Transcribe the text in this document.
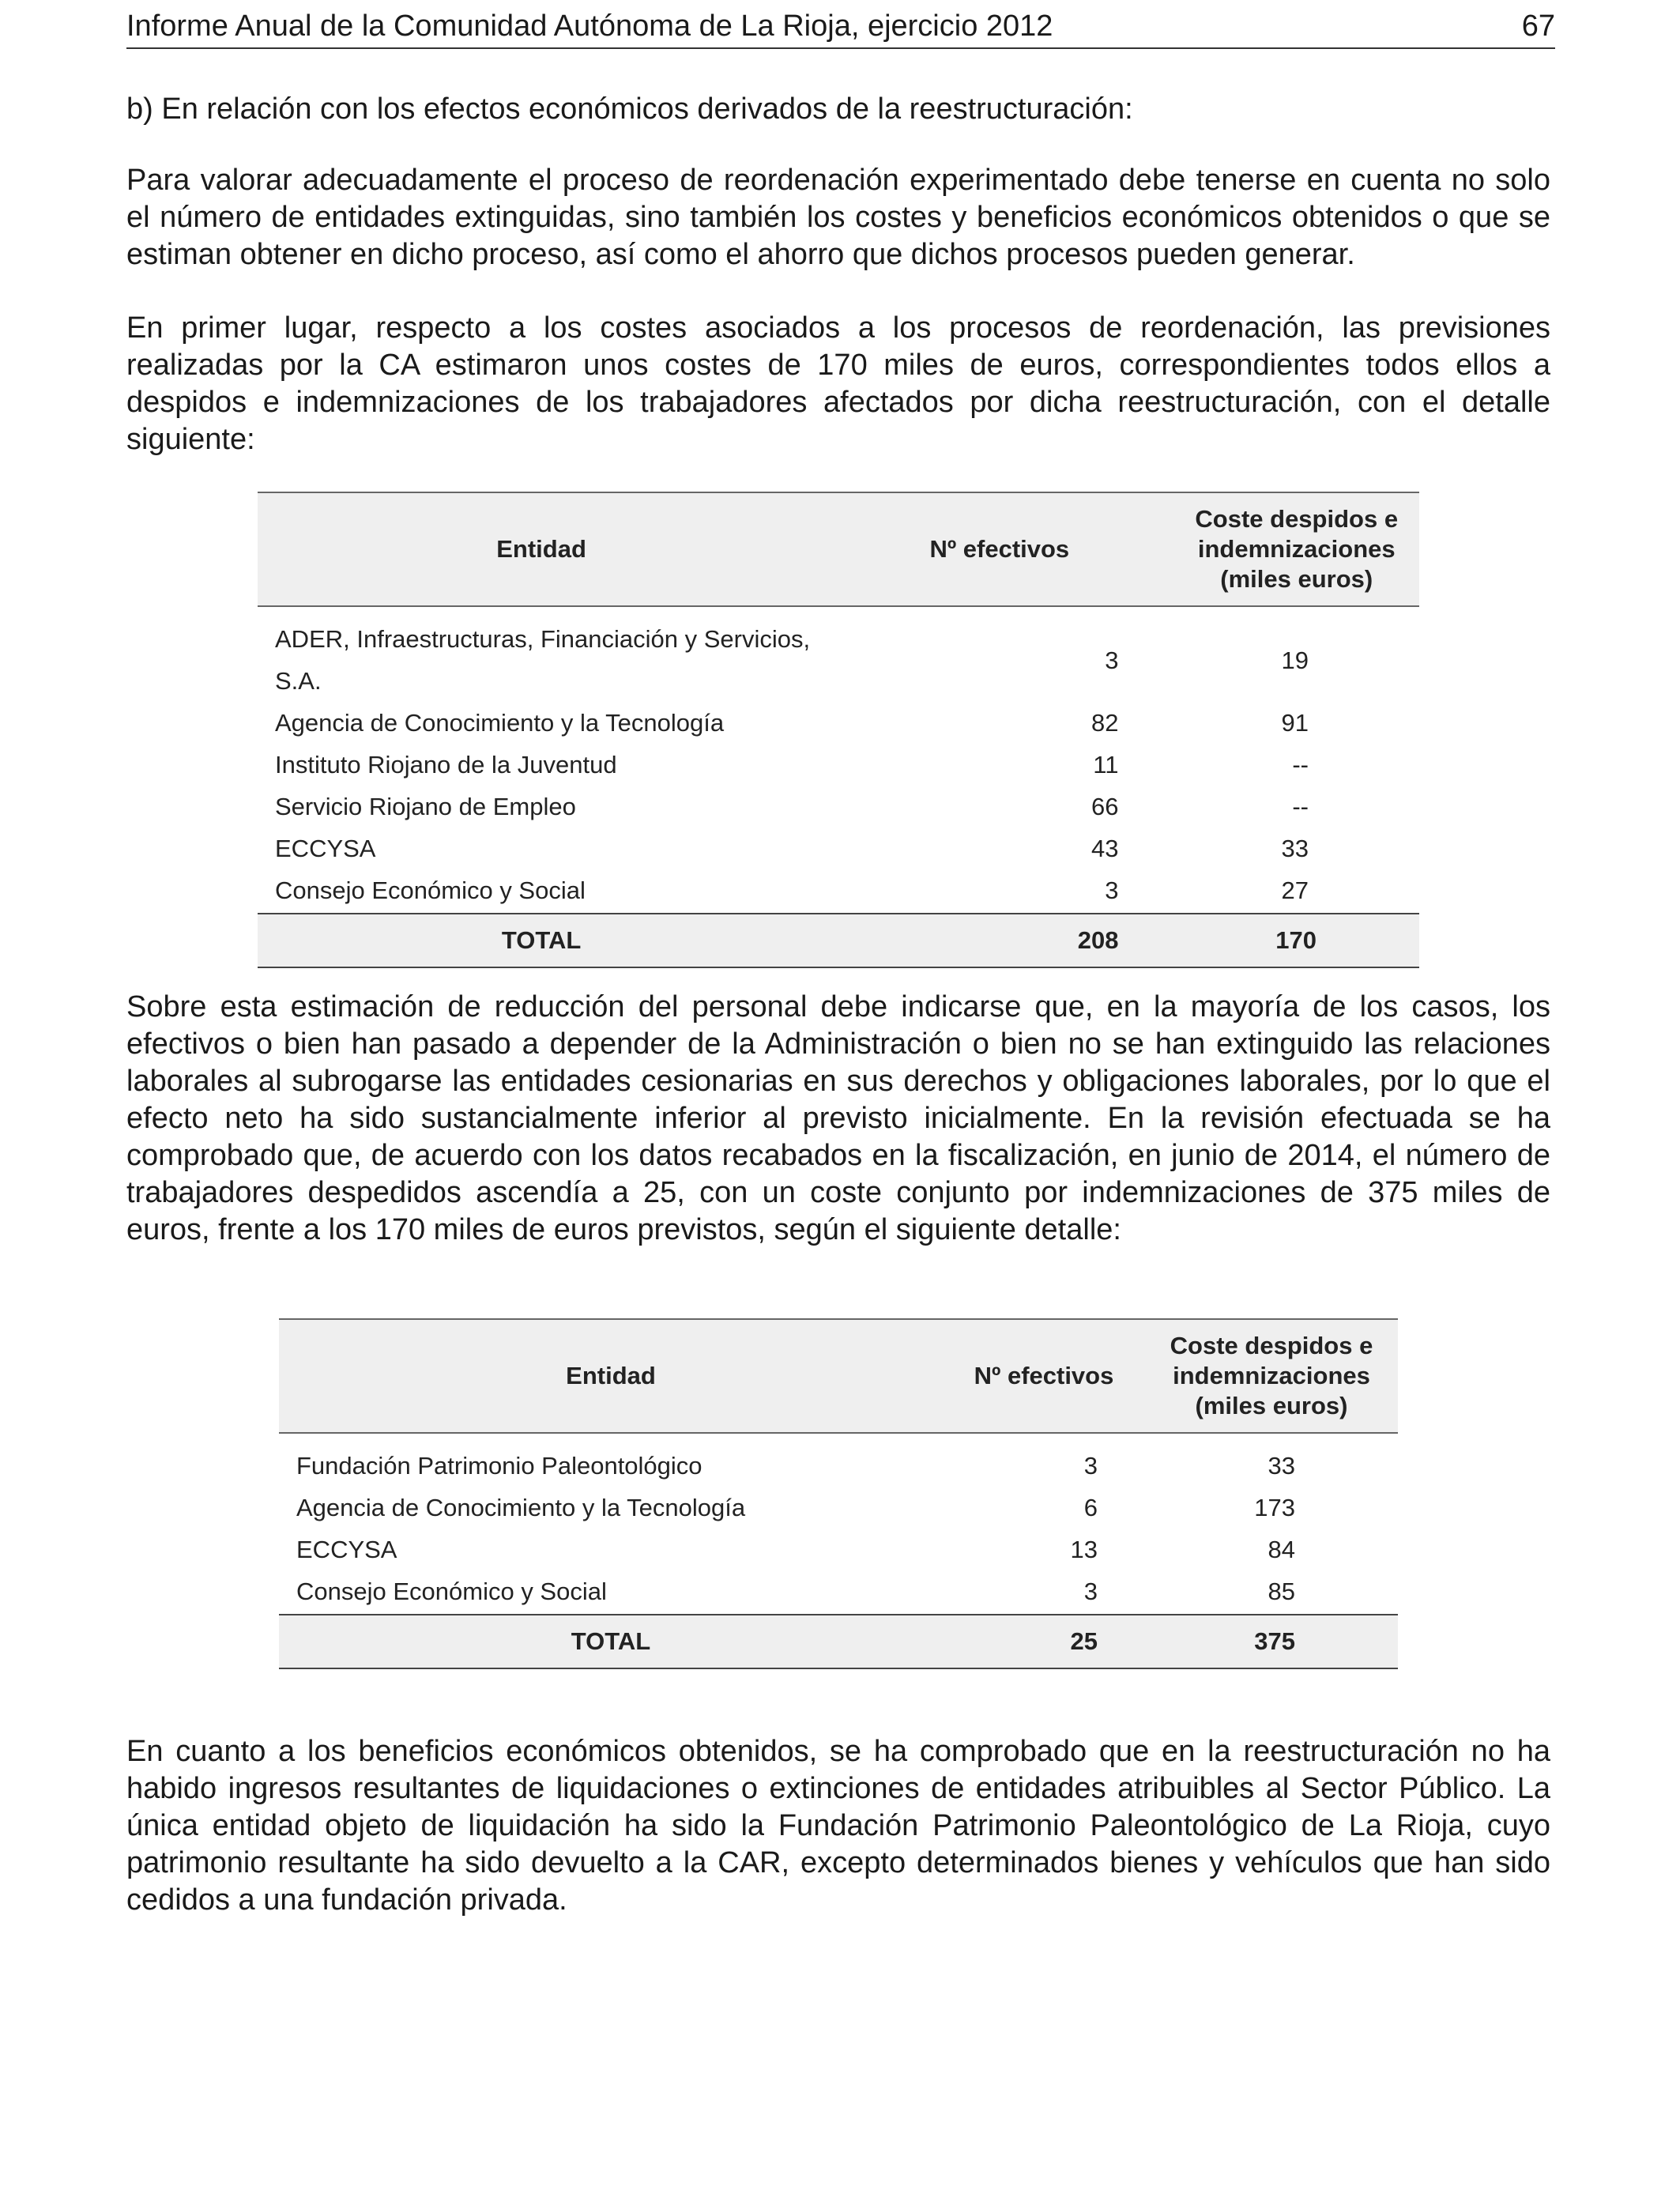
Informe Anual de la Comunidad Autónoma de La Rioja, ejercicio 2012	67

b) En relación con los efectos económicos derivados de la reestructuración:

Para valorar adecuadamente el proceso de reordenación experimentado debe tenerse en cuenta no solo el número de entidades extinguidas, sino también los costes y beneficios económicos obtenidos o que se estiman obtener en dicho proceso, así como el ahorro que dichos procesos pueden generar.

En primer lugar, respecto a los costes asociados a los procesos de reordenación, las previsiones realizadas por la CA estimaron unos costes de 170 miles de euros, correspondientes todos ellos a despidos e indemnizaciones de los trabajadores afectados por dicha reestructuración, con el detalle siguiente:

Entidad	Nº efectivos	Coste despidos e
indemnizaciones
(miles euros)

ADER, Infraestructuras, Financiación y Servicios, S.A.	3	19
Agencia de Conocimiento y la Tecnología	82	91
Instituto Riojano de la Juventud	11	--
Servicio Riojano de Empleo	66	--
ECCYSA	43	33
Consejo Económico y Social	3	27
TOTAL	208	170

Sobre esta estimación de reducción del personal debe indicarse que, en la mayoría de los casos, los efectivos o bien han pasado a depender de la Administración o bien no se han extinguido las relaciones laborales al subrogarse las entidades cesionarias en sus derechos y obligaciones laborales, por lo que el efecto neto ha sido sustancialmente inferior al previsto inicialmente. En la revisión efectuada se ha comprobado que, de acuerdo con los datos recabados en la fiscalización, en junio de 2014, el número de trabajadores despedidos ascendía a 25, con un coste conjunto por indemnizaciones de 375 miles de euros, frente a los 170 miles de euros previstos, según el siguiente detalle:

Entidad	Nº efectivos	Coste despidos e
indemnizaciones
(miles euros)

Fundación Patrimonio Paleontológico	3	33
Agencia de Conocimiento y la Tecnología	6	173
ECCYSA	13	84
Consejo Económico y Social	3	85
TOTAL	25	375

En cuanto a los beneficios económicos obtenidos, se ha comprobado que en la reestructuración no ha habido ingresos resultantes de liquidaciones o extinciones de entidades atribuibles al Sector Público. La única entidad objeto de liquidación ha sido la Fundación Patrimonio Paleontológico de La Rioja, cuyo patrimonio resultante ha sido devuelto a la CAR, excepto determinados bienes y vehículos que han sido cedidos a una fundación privada.
